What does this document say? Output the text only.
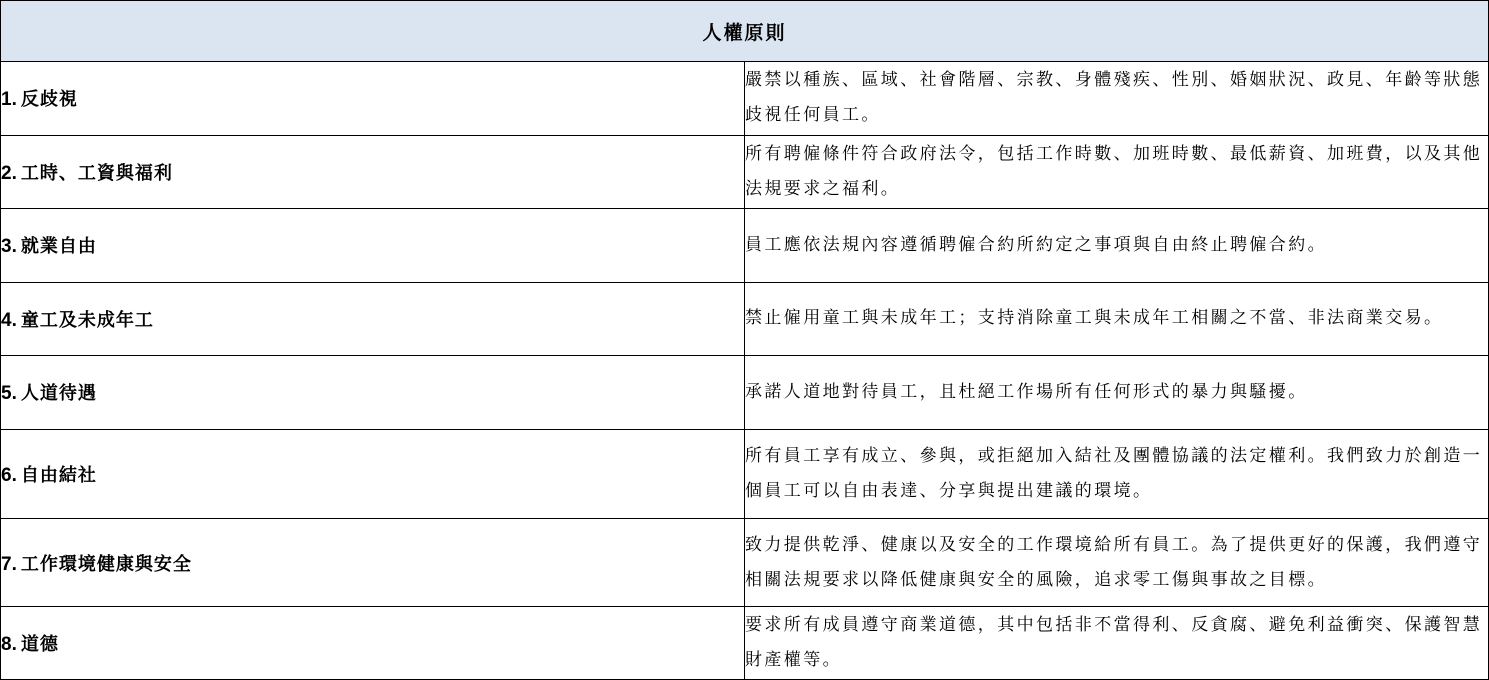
人權原則	
1. 反歧視	嚴禁以種族、區域、社會階層、宗教、身體殘疾、性別、婚姻狀況、政見、年齡等狀態歧視任何員工。
2. 工時、工資與福利	所有聘僱條件符合政府法令，包括工作時數、加班時數、最低薪資、加班費，以及其他法規要求之福利。
3. 就業自由	員工應依法規內容遵循聘僱合約所約定之事項與自由終止聘僱合約。
4. 童工及未成年工	禁止僱用童工與未成年工；支持消除童工與未成年工相關之不當、非法商業交易。
5. 人道待遇	承諾人道地對待員工，且杜絕工作場所有任何形式的暴力與騷擾。
6. 自由結社	所有員工享有成立、參與，或拒絕加入結社及團體協議的法定權利。我們致力於創造一個員工可以自由表達、分享與提出建議的環境。
7. 工作環境健康與安全	致力提供乾淨、健康以及安全的工作環境給所有員工。為了提供更好的保護，我們遵守相關法規要求以降低健康與安全的風險，追求零工傷與事故之目標。
8. 道德	要求所有成員遵守商業道德，其中包括非不當得利、反貪腐、避免利益衝突、保護智慧財產權等。
